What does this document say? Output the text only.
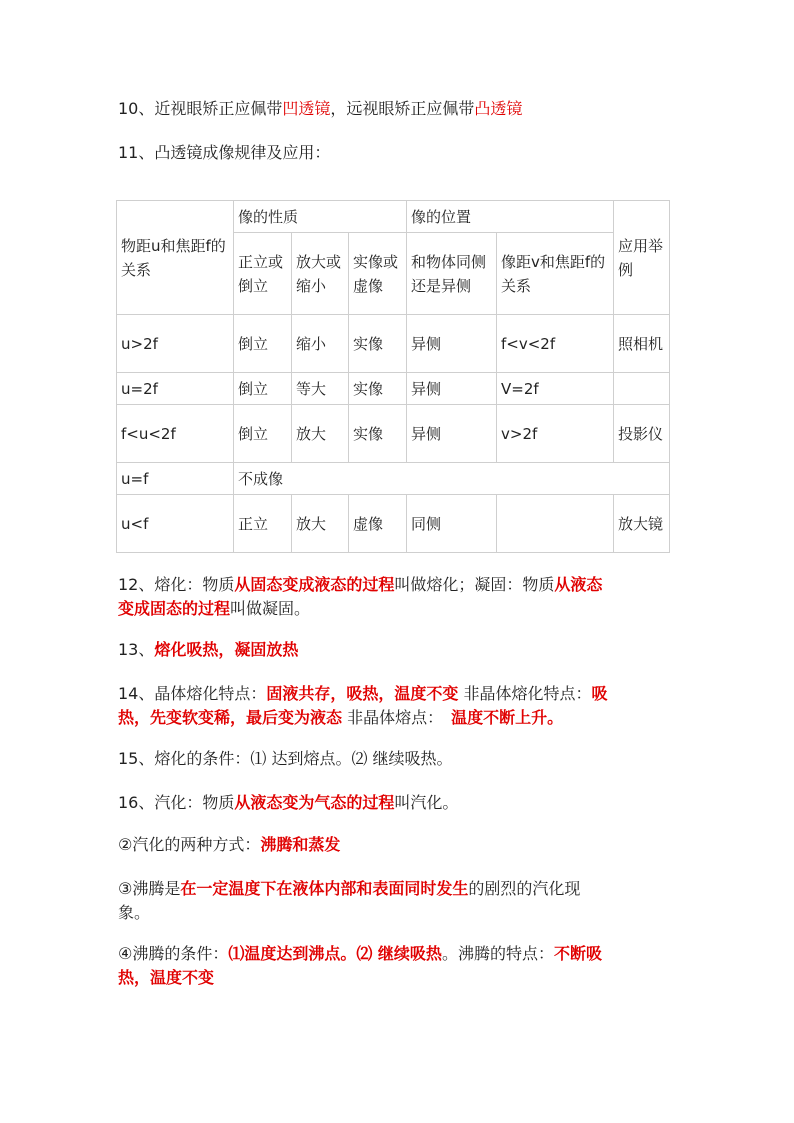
10、近视眼矫正应佩带凹透镜，远视眼矫正应佩带凸透镜
11、凸透镜成像规律及应用：
物距u和焦距f的关系	像的性质			像的位置		应用举例
	正立或倒立	放大或缩小	实像或虚像	和物体同侧还是异侧	像距v和焦距f的关系	
u>2f	倒立	缩小	实像	异侧	f<v<2f	照相机
u=2f	倒立	等大	实像	异侧	V=2f	
f<u<2f	倒立	放大	实像	异侧	v>2f	投影仪
u=f	不成像					
u<f	正立	放大	虚像	同侧		放大镜
12、熔化：物质从固态变成液态的过程叫做熔化；凝固：物质从液态
变成固态的过程叫做凝固。
13、熔化吸热，凝固放热
14、晶体熔化特点：固液共存，吸热，温度不变 非晶体熔化特点：吸
热，先变软变稀，最后变为液态 非晶体熔点： 温度不断上升。
15、熔化的条件：⑴ 达到熔点。⑵ 继续吸热。
16、汽化：物质从液态变为气态的过程叫汽化。
②汽化的两种方式：沸腾和蒸发
③沸腾是在一定温度下在液体内部和表面同时发生的剧烈的汽化现
象。
④沸腾的条件：⑴温度达到沸点。⑵ 继续吸热。沸腾的特点：不断吸
热，温度不变
